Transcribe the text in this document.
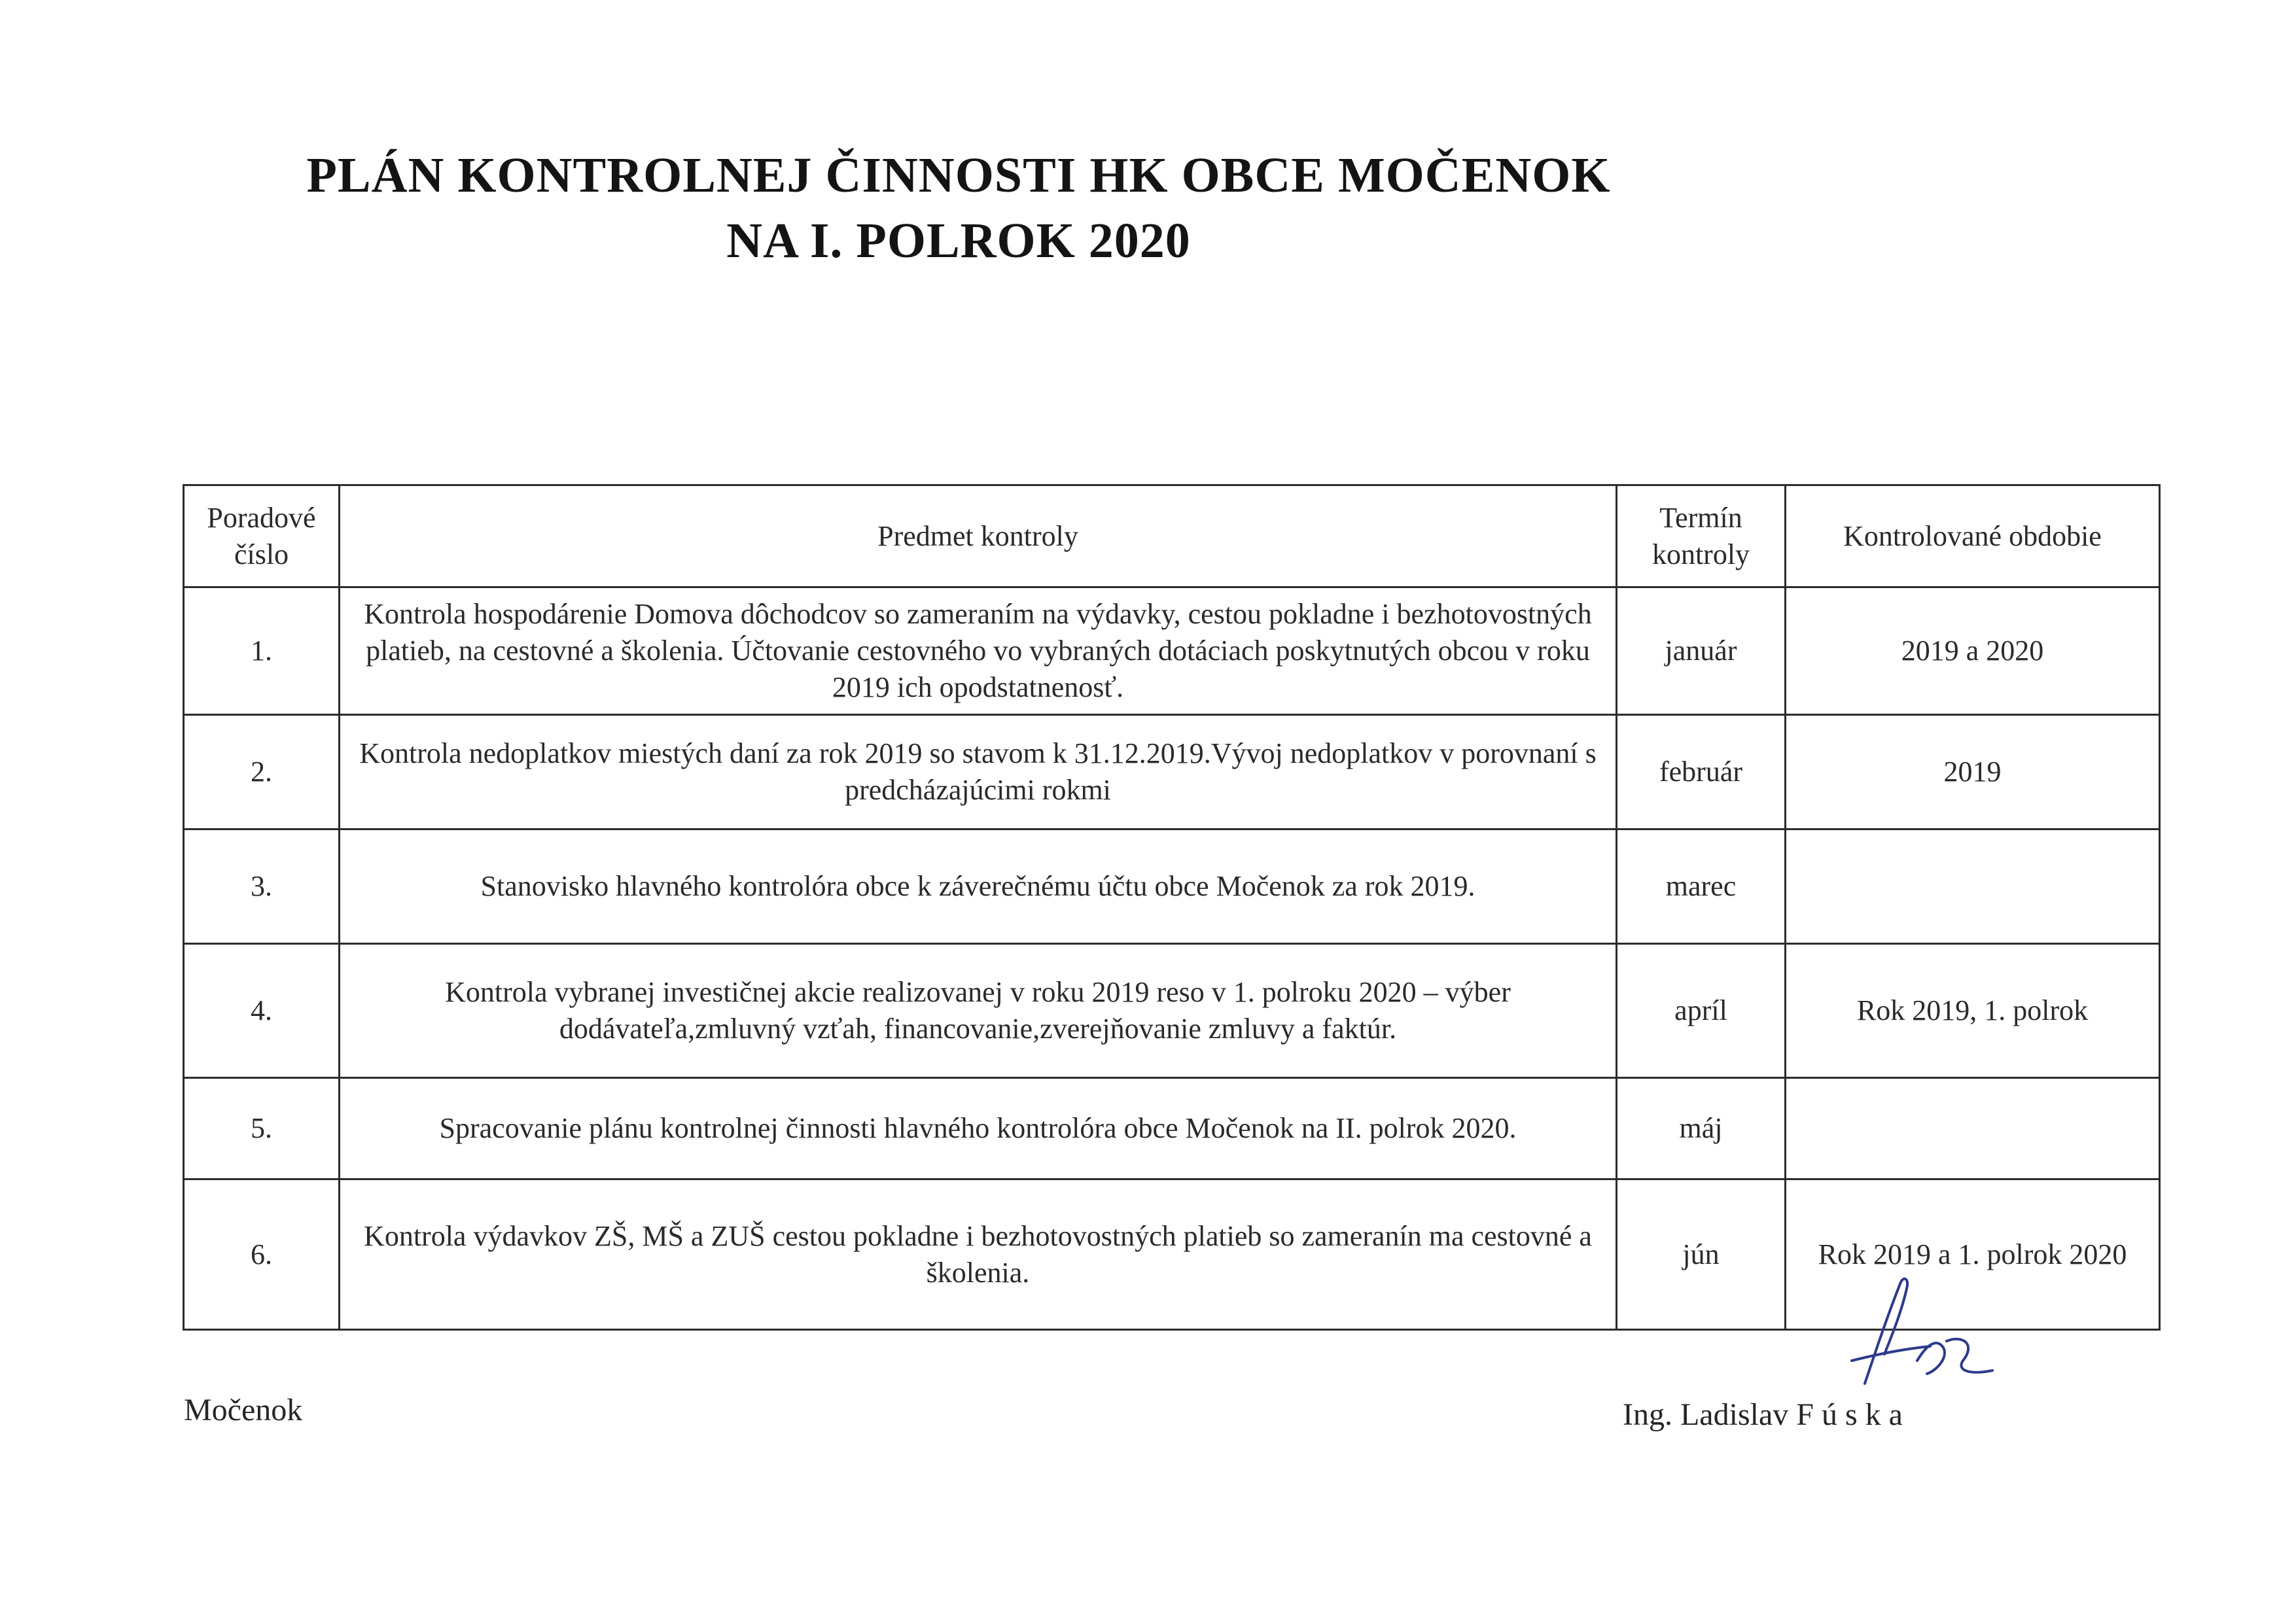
PLÁN KONTROLNEJ ČINNOSTI HK OBCE MOČENOK
NA I. POLROK 2020
Poradové číslo	Predmet kontroly	Termín kontroly	Kontrolované obdobie
1.	Kontrola hospodárenie Domova dôchodcov so zameraním na výdavky, cestou pokladne i bezhotovostných platieb, na cestovné a školenia. Účtovanie cestovného vo vybraných dotáciach poskytnutých obcou v roku 2019 ich opodstatnenosť.	január	2019 a 2020
2.	Kontrola nedoplatkov miestých daní za rok 2019 so stavom k 31.12.2019.Vývoj nedoplatkov v porovnaní s predcházajúcimi rokmi	február	2019
3.	Stanovisko hlavného kontrolóra obce k záverečnému účtu obce Močenok za rok 2019.	marec	
4.	Kontrola vybranej investičnej akcie realizovanej v roku 2019 reso v 1. polroku 2020 – výber dodávateľa,zmluvný vzťah, financovanie,zverejňovanie zmluvy a faktúr.	apríl	Rok 2019, 1. polrok
5.	Spracovanie plánu kontrolnej činnosti hlavného kontrolóra obce Močenok na II. polrok 2020.	máj	
6.	Kontrola výdavkov ZŠ, MŠ a ZUŠ cestou pokladne i bezhotovostných platieb so zameranín ma cestovné a školenia.	jún	Rok 2019 a 1. polrok 2020
Močenok	Ing. Ladislav F ú s k a
